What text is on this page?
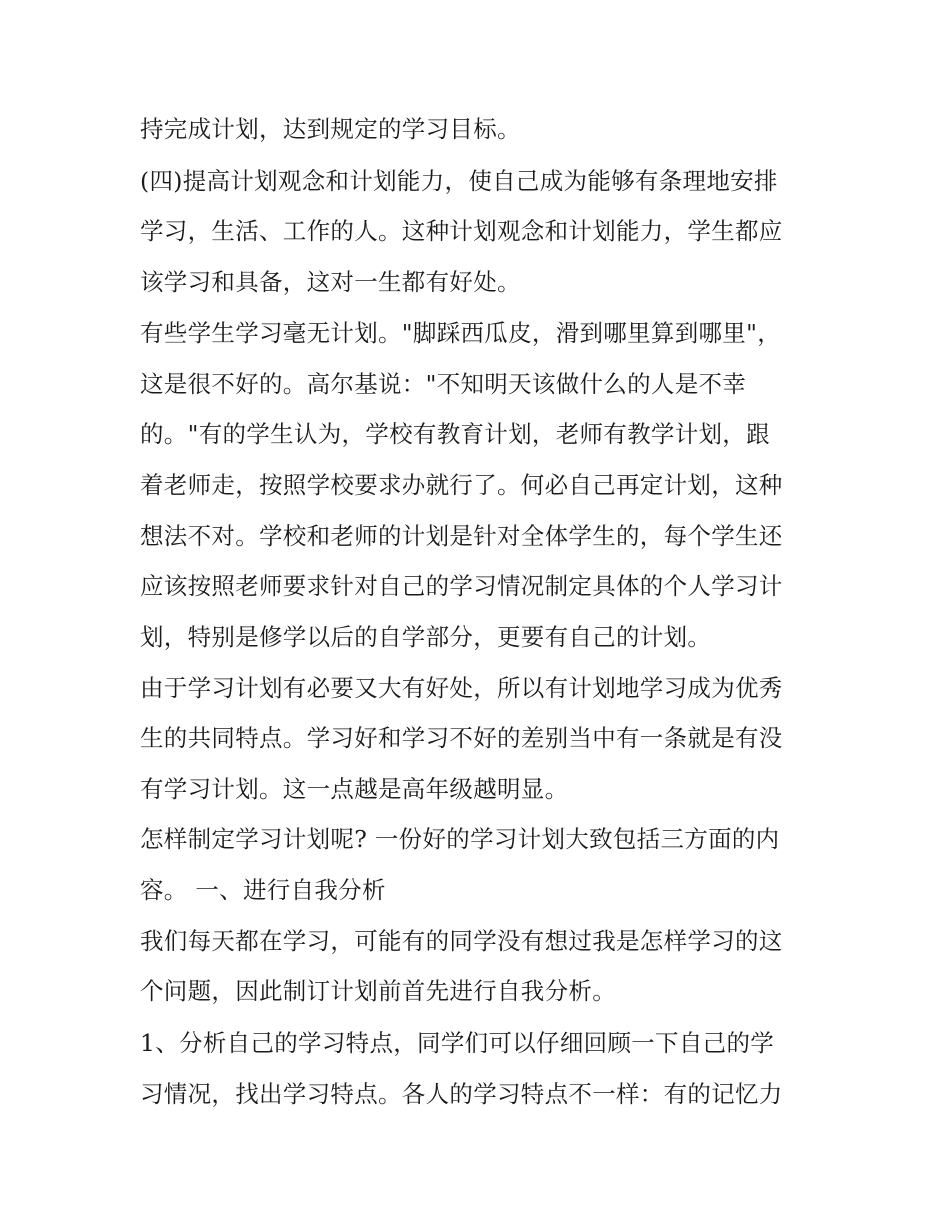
持完成计划，达到规定的学习目标。
(四)提高计划观念和计划能力，使自己成为能够有条理地安排
学习，生活、工作的人。这种计划观念和计划能力，学生都应
该学习和具备，这对一生都有好处。
有些学生学习毫无计划。"脚踩西瓜皮，滑到哪里算到哪里"，
这是很不好的。高尔基说："不知明天该做什么的人是不幸
的。"有的学生认为，学校有教育计划，老师有教学计划，跟
着老师走，按照学校要求办就行了。何必自己再定计划，这种
想法不对。学校和老师的计划是针对全体学生的，每个学生还
应该按照老师要求针对自己的学习情况制定具体的个人学习计
划，特别是修学以后的自学部分，更要有自己的计划。
由于学习计划有必要又大有好处，所以有计划地学习成为优秀
生的共同特点。学习好和学习不好的差别当中有一条就是有没
有学习计划。这一点越是高年级越明显。
怎样制定学习计划呢? 一份好的学习计划大致包括三方面的内
容。 一、进行自我分析
我们每天都在学习，可能有的同学没有想过我是怎样学习的这
个问题，因此制订计划前首先进行自我分析。
1、分析自己的学习特点，同学们可以仔细回顾一下自己的学
习情况，找出学习特点。各人的学习特点不一样：有的记忆力
